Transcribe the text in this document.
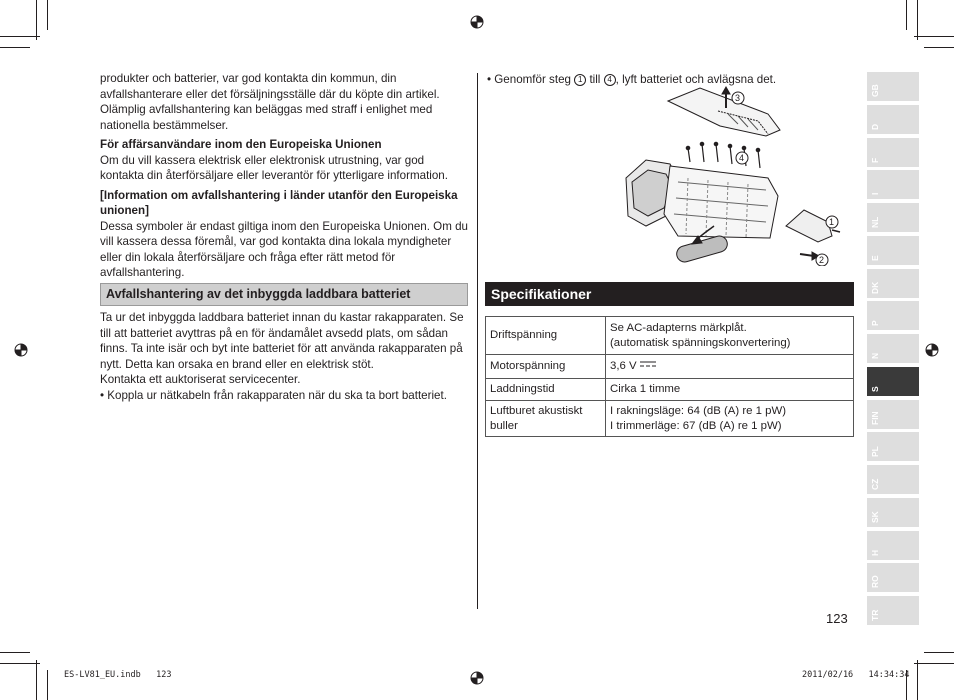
produkter och batterier, var god kontakta din kommun, din avfallshanterare eller det försäljningsställe där du köpte din artikel. Olämplig avfallshantering kan beläggas med straff i enlighet med nationella bestämmelser.

För affärsanvändare inom den Europeiska Unionen

Om du vill kassera elektrisk eller elektronisk utrustning, var god kontakta din återförsäljare eller leverantör för ytterligare information.

[Information om avfallshantering i länder utanför den Europeiska unionen]

Dessa symboler är endast giltiga inom den Europeiska Unionen. Om du vill kassera dessa föremål, var god kontakta dina lokala myndigheter eller din lokala återförsäljare och fråga efter rätt metod för avfallshantering.

Avfallshantering av det inbyggda laddbara batteriet

Ta ur det inbyggda laddbara batteriet innan du kastar rakapparaten. Se till att batteriet avyttras på en för ändamålet avsedd plats, om sådan finns. Ta inte isär och byt inte batteriet för att använda rakapparaten på nytt. Detta kan orsaka en brand eller en elektrisk stöt.

Kontakta ett auktoriserat servicecenter.

• Koppla ur nätkabeln från rakapparaten när du ska ta bort batteriet.

• Genomför steg 1 till 4 , lyft batteriet och avlägsna det.
3
4
1
2
Specifikationer
Driftspänning	Se AC-adapterns märkplåt.
(automatisk spänningskonvertering)

Motorspänning	3,6 V
Laddningstid	Cirka 1 timme
Luftburet akustiskt buller	I rakningsläge: 64 (dB (A) re 1 pW)
I trimmerläge: 67 (dB (A) re 1 pW)
123
GB
D
F
I
NL
E
DK
P
N
S
FIN
PL
CZ
SK
H
RO
TR
ES-LV81_EU.indb   123	2011/02/16   14:34:34
